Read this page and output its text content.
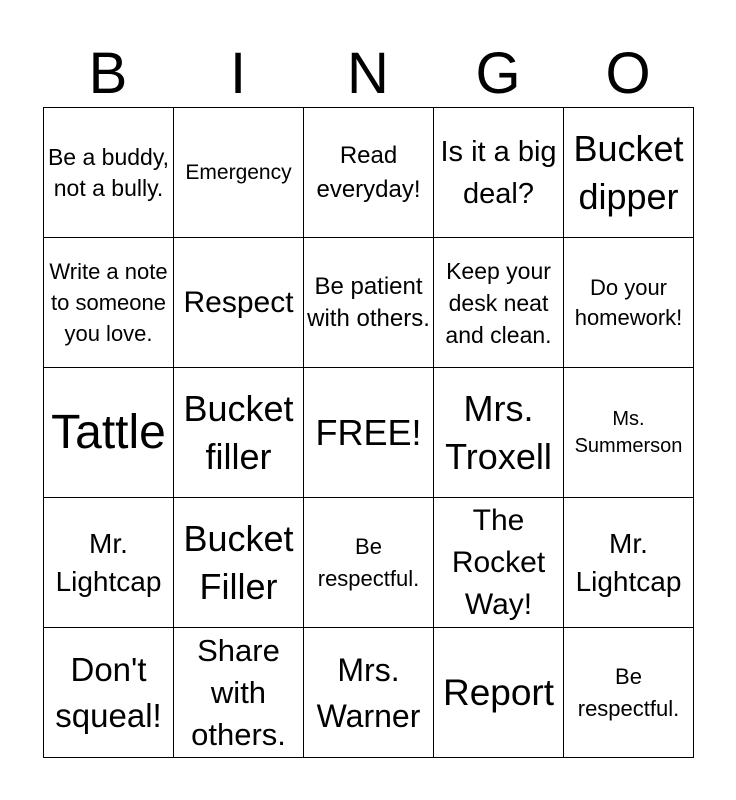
B	I	N	G	O
Be a buddy, not a bully.	Emergency	Read everyday!	Is it a big deal?	Bucket dipper

Write a note to someone you love.	Respect	Be patient with others.	Keep your desk neat and clean.	Do your homework!

Tattle	Bucket filler	FREE!	Mrs. Troxell	Ms. Summerson

Mr. Lightcap	Bucket Filler	Be respectful.	The Rocket Way!	Mr. Lightcap

Don't squeal!	Share with others.	Mrs. Warner	Report	Be respectful.
